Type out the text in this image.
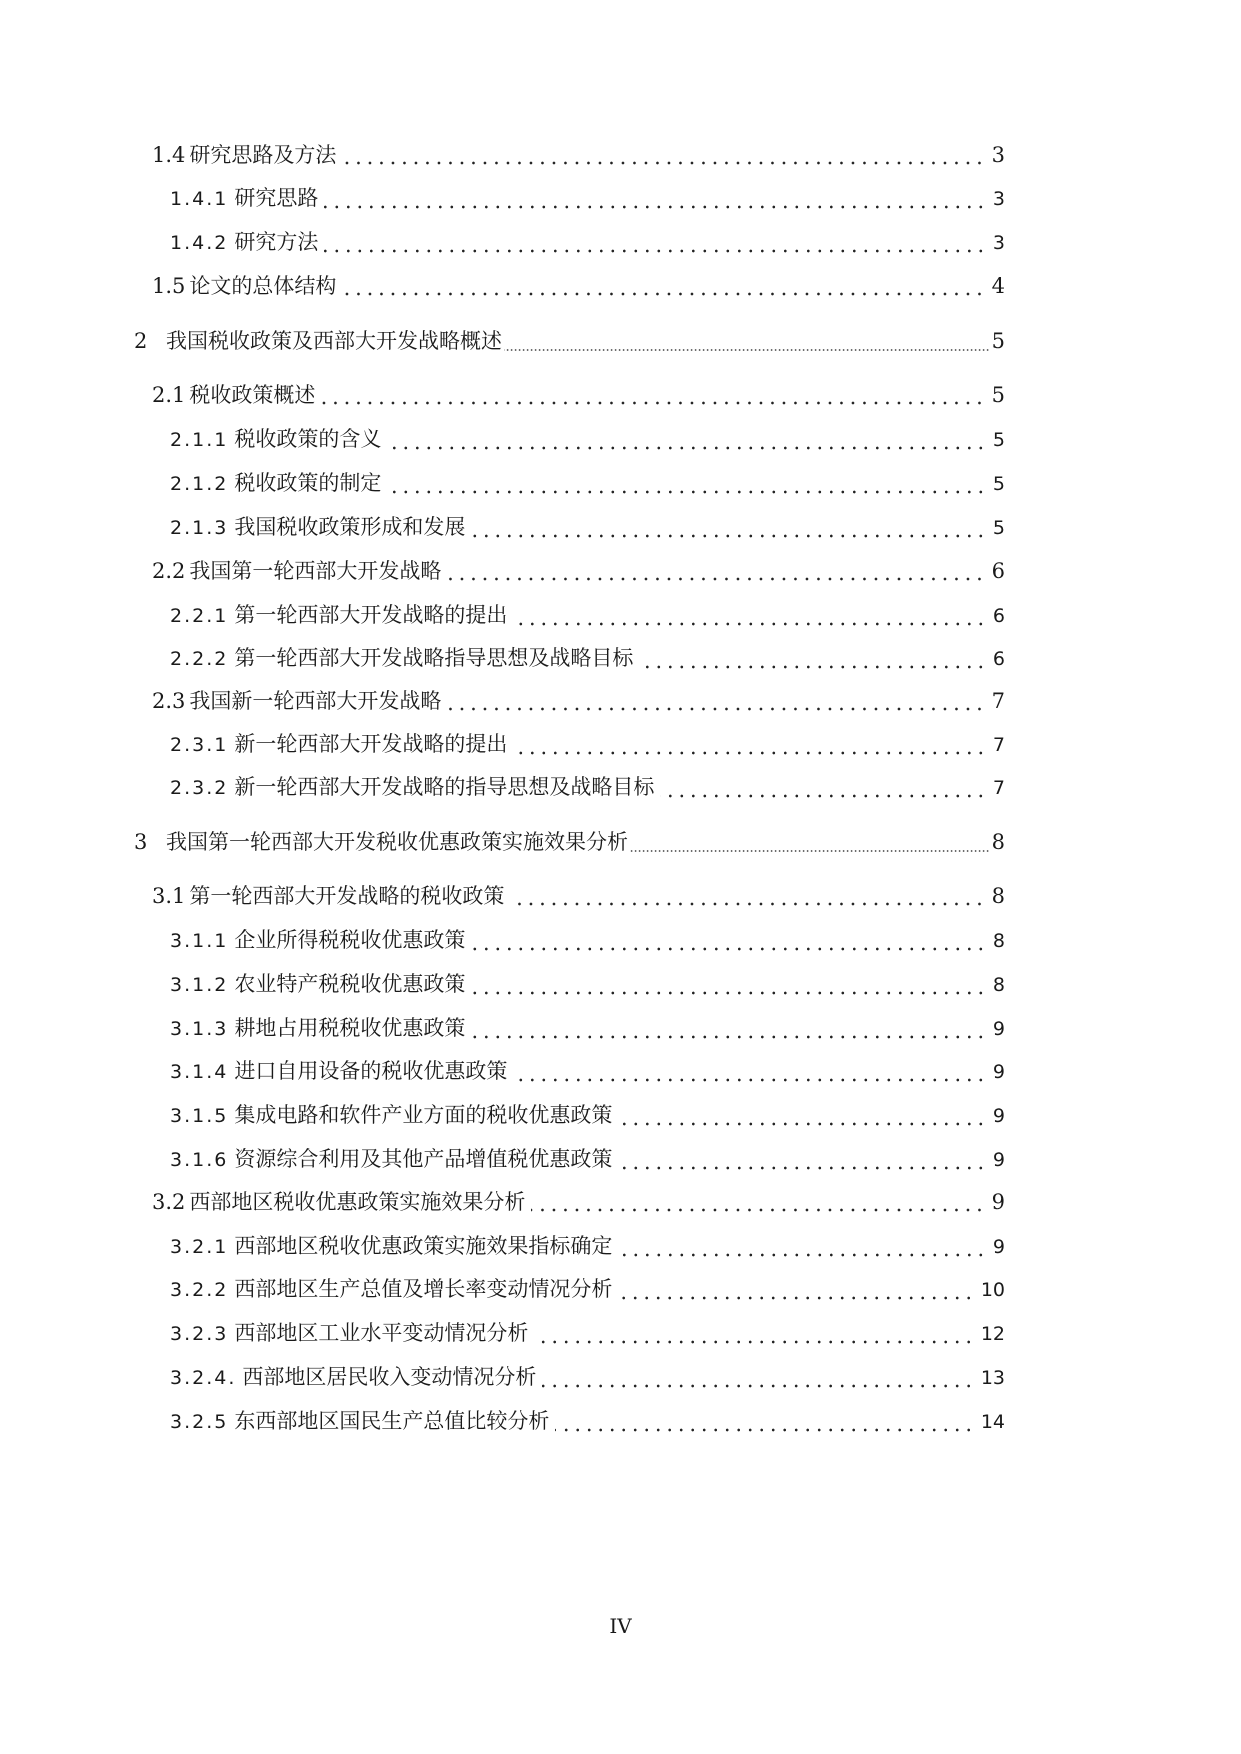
1.4 研究思路及方法	3
1.4.1 研究思路	3
1.4.2 研究方法	3
1.5 论文的总体结构	4
2 我国税收政策及西部大开发战略概述	5
2.1 税收政策概述	5
2.1.1 税收政策的含义	5
2.1.2 税收政策的制定	5
2.1.3 我国税收政策形成和发展	5
2.2 我国第一轮西部大开发战略	6
2.2.1 第一轮西部大开发战略的提出	6
2.2.2 第一轮西部大开发战略指导思想及战略目标	6
2.3 我国新一轮西部大开发战略	7
2.3.1 新一轮西部大开发战略的提出	7
2.3.2 新一轮西部大开发战略的指导思想及战略目标	7
3 我国第一轮西部大开发税收优惠政策实施效果分析	8
3.1 第一轮西部大开发战略的税收政策	8
3.1.1 企业所得税税收优惠政策	8
3.1.2 农业特产税税收优惠政策	8
3.1.3 耕地占用税税收优惠政策	9
3.1.4 进口自用设备的税收优惠政策	9
3.1.5 集成电路和软件产业方面的税收优惠政策	9
3.1.6 资源综合利用及其他产品增值税优惠政策	9
3.2 西部地区税收优惠政策实施效果分析	9
3.2.1 西部地区税收优惠政策实施效果指标确定	9
3.2.2 西部地区生产总值及增长率变动情况分析	10
3.2.3 西部地区工业水平变动情况分析	12
3.2.4. 西部地区居民收入变动情况分析	13
3.2.5 东西部地区国民生产总值比较分析	14
IV
